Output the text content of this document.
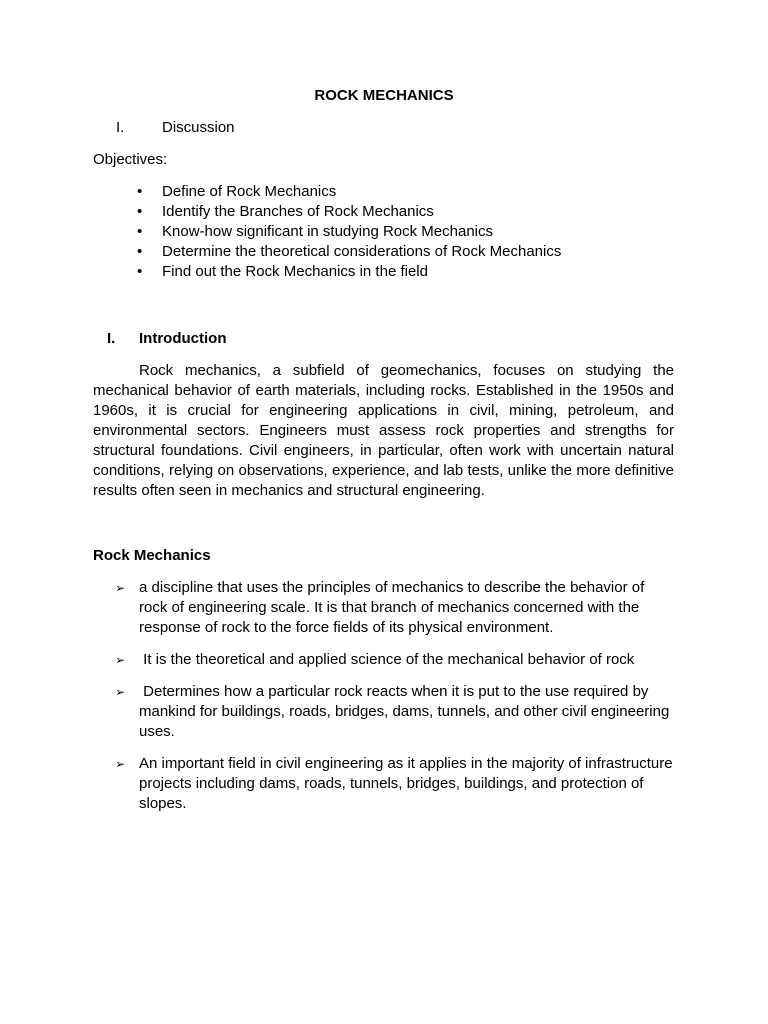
ROCK MECHANICS
I.	Discussion
Objectives:
• Define of Rock Mechanics
• Identify the Branches of Rock Mechanics
• Know-how significant in studying Rock Mechanics
• Determine the theoretical considerations of Rock Mechanics
• Find out the Rock Mechanics in the field
I. Introduction

Rock mechanics, a subfield of geomechanics, focuses on studying the mechanical behavior of earth materials, including rocks. Established in the 1950s and 1960s, it is crucial for engineering applications in civil, mining, petroleum, and environmental sectors. Engineers must assess rock properties and strengths for structural foundations. Civil engineers, in particular, often work with uncertain natural conditions, relying on observations, experience, and lab tests, unlike the more definitive results often seen in mechanics and structural engineering.

Rock Mechanics
➢ a discipline that uses the principles of mechanics to describe the behavior of rock of engineering scale. It is that branch of mechanics concerned with the response of rock to the force fields of its physical environment.
➢ It is the theoretical and applied science of the mechanical behavior of rock
➢ Determines how a particular rock reacts when it is put to the use required by mankind for buildings, roads, bridges, dams, tunnels, and other civil engineering uses.
➢ An important field in civil engineering as it applies in the majority of infrastructure projects including dams, roads, tunnels, bridges, buildings, and protection of slopes.
